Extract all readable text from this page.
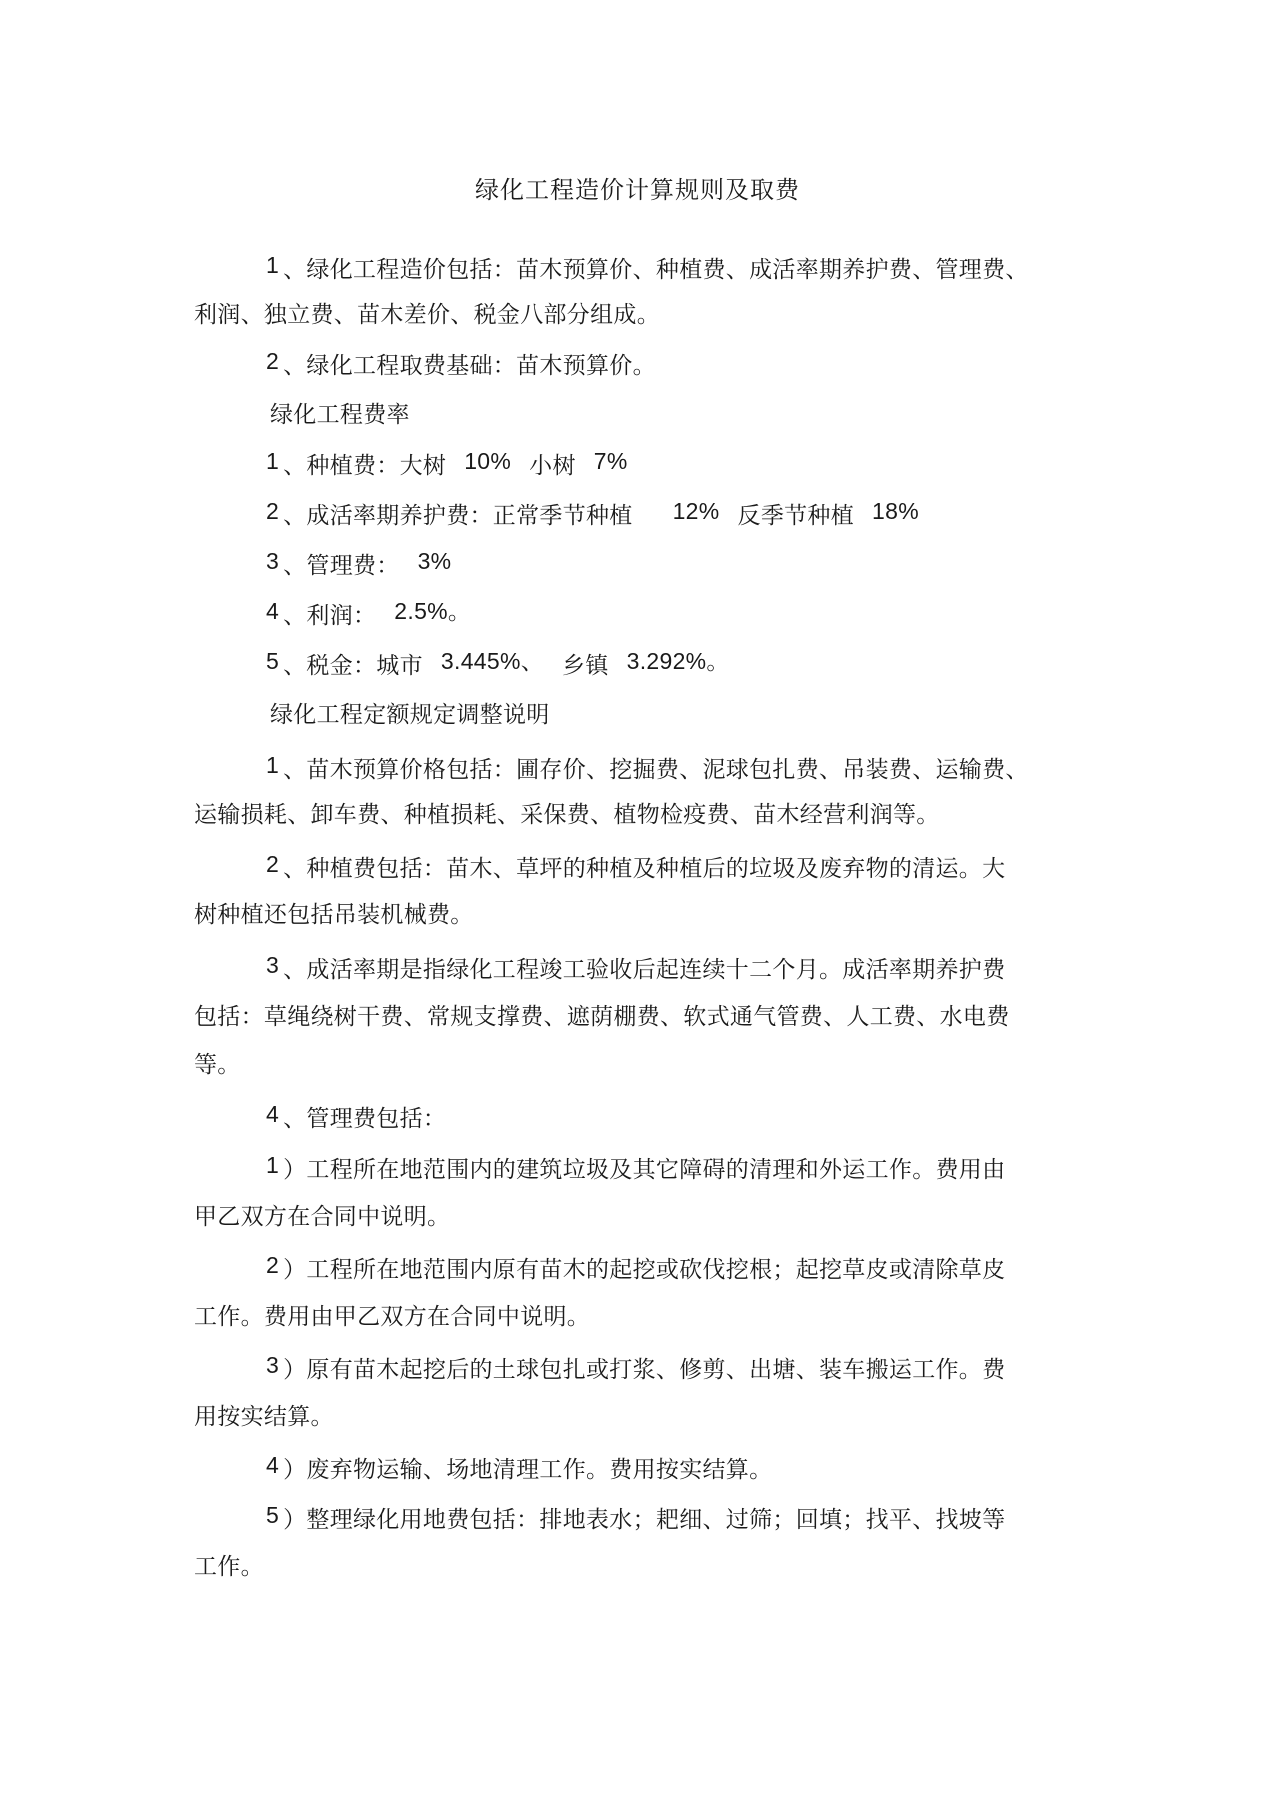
绿化工程造价计算规则及取费
1 、绿化工程造价包括：苗木预算价、种植费、成活率期养护费、管理费、
利润、独立费、苗木差价、税金八部分组成。
2 、绿化工程取费基础：苗木预算价。
绿化工程费率
1 、种植费：大树 10% 小树 7%
2 、成活率期养护费：正常季节种植 12% 反季节种植 18%
3 、管理费： 3%
4 、利润： 2.5%。
5 、税金：城市 3.445%、 乡镇 3.292%。
绿化工程定额规定调整说明
1 、苗木预算价格包括：圃存价、挖掘费、泥球包扎费、吊装费、运输费、
运输损耗、卸车费、种植损耗、采保费、植物检疫费、苗木经营利润等。
2 、种植费包括：苗木、草坪的种植及种植后的垃圾及废弃物的清运。大
树种植还包括吊装机械费。
3 、成活率期是指绿化工程竣工验收后起连续十二个月。成活率期养护费
包括：草绳绕树干费、常规支撑费、遮荫棚费、软式通气管费、人工费、水电费
等。
4 、管理费包括：
1 ）工程所在地范围内的建筑垃圾及其它障碍的清理和外运工作。费用由
甲乙双方在合同中说明。
2 ）工程所在地范围内原有苗木的起挖或砍伐挖根；起挖草皮或清除草皮
工作。费用由甲乙双方在合同中说明。
3 ）原有苗木起挖后的土球包扎或打浆、修剪、出塘、装车搬运工作。费
用按实结算。
4 ）废弃物运输、场地清理工作。费用按实结算。
5 ）整理绿化用地费包括：排地表水；耙细、过筛；回填；找平、找坡等
工作。
